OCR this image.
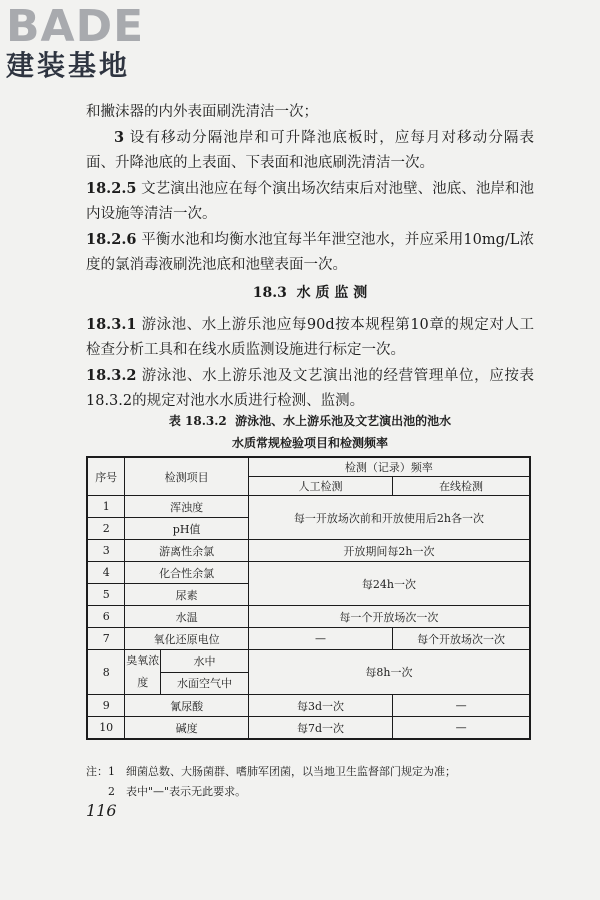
BADE
建装基地

和撇沫器的内外表面刷洗清洁一次；

3 设有移动分隔池岸和可升降池底板时，应每月对移动分隔表面、升降池底的上表面、下表面和池底刷洗清洁一次。

18.2.5 文艺演出池应在每个演出场次结束后对池壁、池底、池岸和池内设施等清洁一次。

18.2.6 平衡水池和均衡水池宜每半年泄空池水，并应采用10mg/L浓度的氯消毒液刷洗池底和池壁表面一次。

18.3 水 质 监 测

18.3.1 游泳池、水上游乐池应每90d按本规程第10章的规定对人工检查分析工具和在线水质监测设施进行标定一次。

18.3.2 游泳池、水上游乐池及文艺演出池的经营管理单位，应按表18.3.2的规定对池水水质进行检测、监测。

表 18.3.2 游泳池、水上游乐池及文艺演出池的池水
水质常规检验项目和检测频率
序号	检测项目		检测（记录）频率	
			人工检测	在线检测
1	浑浊度		每一开放场次前和开放使用后2h各一次	
2	pH值			
3	游离性余氯		开放期间每2h一次	
4	化合性余氯		每24h一次	
5	尿素			
6	水温		每一个开放场次一次	
7	氧化还原电位		—	每个开放场次一次
8	臭氧浓度	水中	每8h一次	
		水面空气中		
9	氰尿酸		每3d一次	—
10	碱度		每7d一次	—
注：1　细菌总数、大肠菌群、嗜肺军团菌，以当地卫生监督部门规定为准；
2　表中"—"表示无此要求。
116
